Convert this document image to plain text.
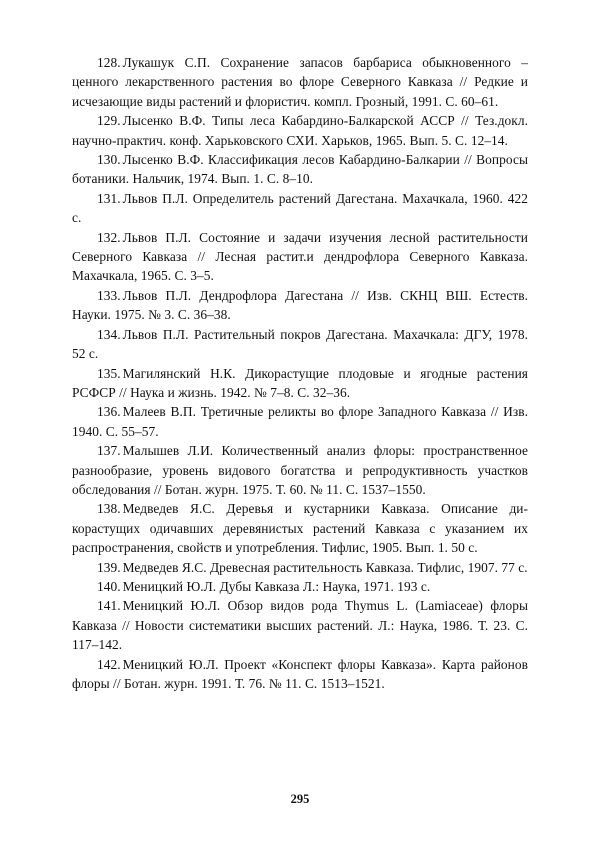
128. Лукашук С.П. Сохранение запасов барбариса обыкновенного – ценного лекарственного растения во флоре Северного Кавказа // Редкие и исчезающие виды растений и флористич. компл. Грозный, 1991. С. 60–61.

129. Лысенко В.Ф. Типы леса Кабардино-Балкарской АССР // Тез.докл. научно-практич. конф. Харьковского СХИ. Харьков, 1965. Вып. 5. С. 12–14.

130. Лысенко В.Ф. Классификация лесов Кабардино-Балкарии // Вопросы ботаники. Нальчик, 1974. Вып. 1. С. 8–10.

131. Львов П.Л. Определитель растений Дагестана. Махачкала, 1960. 422 с.

132. Львов П.Л. Состояние и задачи изучения лесной растительности Северного Кавказа // Лесная растит.и дендрофлора Северного Кавказа. Махачкала, 1965. С. 3–5.

133. Львов П.Л. Дендрофлора Дагестана // Изв. СКНЦ ВШ. Естеств. Науки. 1975. № 3. С. 36–38.

134. Львов П.Л. Растительный покров Дагестана. Махачкала: ДГУ, 1978. 52 с.

135. Магилянский Н.К. Дикорастущие плодовые и ягодные растения РСФСР // Наука и жизнь. 1942. № 7–8. С. 32–36.

136. Малеев В.П. Третичные реликты во флоре Западного Кавказа // Изв. 1940. С. 55–57.

137. Малышев Л.И. Количественный анализ флоры: пространственное разнообразие, уровень видового богатства и репродуктивность участков обследования // Ботан. журн. 1975. Т. 60. № 11. С. 1537–1550.

138. Медведев Я.С. Деревья и кустарники Кавказа. Описание дикорастущих одичавших деревянистых растений Кавказа с указанием их распространения, свойств и употребления. Тифлис, 1905. Вып. 1. 50 с.

139. Медведев Я.С. Древесная растительность Кавказа. Тифлис, 1907. 77 с.

140. Меницкий Ю.Л. Дубы Кавказа Л.: Наука, 1971. 193 с.

141. Меницкий Ю.Л. Обзор видов рода Thymus L. (Lamiaceae) флоры Кавказа // Новости систематики высших растений. Л.: Наука, 1986. Т. 23. С. 117–142.

142. Меницкий Ю.Л. Проект «Конспект флоры Кавказа». Карта районов флоры // Ботан. журн. 1991. Т. 76. № 11. С. 1513–1521.

295
